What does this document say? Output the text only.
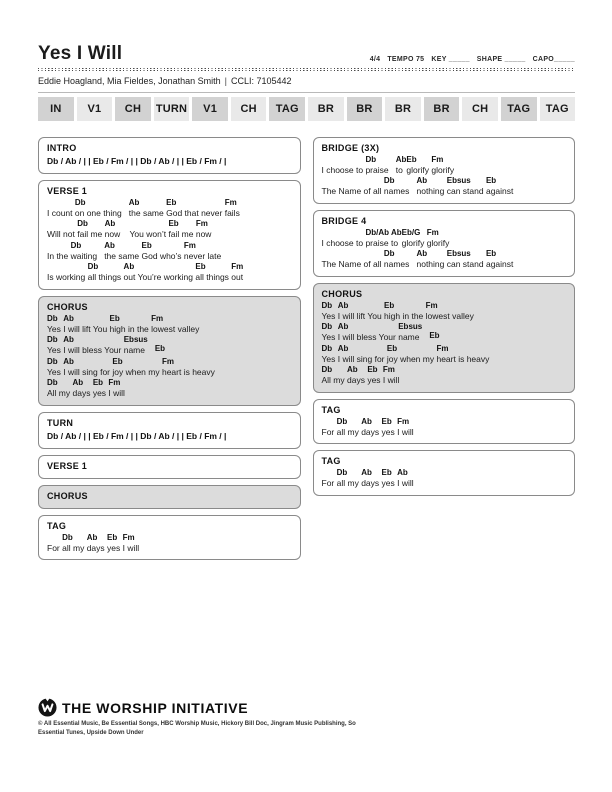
Yes I Will	4/4 TEMPO 75 KEY _____ SHAPE _____ CAPO_____
Eddie Hoagland, Mia Fieldes, Jonathan Smith | CCLI: 7105442
IN	V1	CH	TURN	V1	CH	TAG	BR	BR	BR	BR	CH	TAG	TAG
INTRO
Db / Ab / | | Eb / Fm / | | Db / Ab / | | Eb / Fm / |
VERSE 1
I count
Db
on one thing
Ab
the same
Eb
God that never
Fm
fails
Will not
Db
fail me
Ab
now    You won’t
Eb
fail me
Fm
now
In the
Db
waiting
Ab
the same
Eb
God who’s
Fm
never late
Is working
Db
all things
Ab
out You’re working
Eb
all things
Fm
out
CHORUS
Db
Yes
Ab
I will lift You
Eb
high in the
Fm
lowest valley
Db
Yes
Ab
I will bless Your
Ebsus
name
	Eb
Db
Yes
Ab
I will sing for
Eb
joy when my
Fm
heart is heavy
Db
All my
Ab
days
Eb
yes
Fm
I will
TURN
Db / Ab / | | Eb / Fm / | | Db / Ab / | | Eb / Fm / |
VERSE 1
CHORUS
TAG
For
Db
all my
Ab
days
Eb
yes
Fm
I will
BRIDGE (3X)
I choose to
Db
praise
Ab
to
Eb
glorify
Fm
glorify
The Name of all
Db
names
Ab
nothing
Ebsus
can stand
Eb
against
BRIDGE 4
I choose to
Db/Ab
praise
Ab
to
Eb/G
glorify
Fm
glorify
The Name of all
Db
names
Ab
nothing
Ebsus
can stand
Eb
against
CHORUS
Db
Yes
Ab
I will lift You
Eb
high in the
Fm
lowest valley
Db
Yes
Ab
I will bless Your
Ebsus
name
	Eb
Db
Yes
Ab
I will sing for
Eb
joy when my
Fm
heart is heavy
Db
All my
Ab
days
Eb
yes
Fm
I will
TAG
For
Db
all my
Ab
days
Eb
yes
Fm
I will
TAG
For
Db
all my
Ab
days
Eb
yes
Ab
I will
THE WORSHIP INITIATIVE
© All Essential Music, Be Essential Songs, HBC Worship Music, Hickory Bill Doc, Jingram Music Publishing, So Essential Tunes, Upside Down Under
